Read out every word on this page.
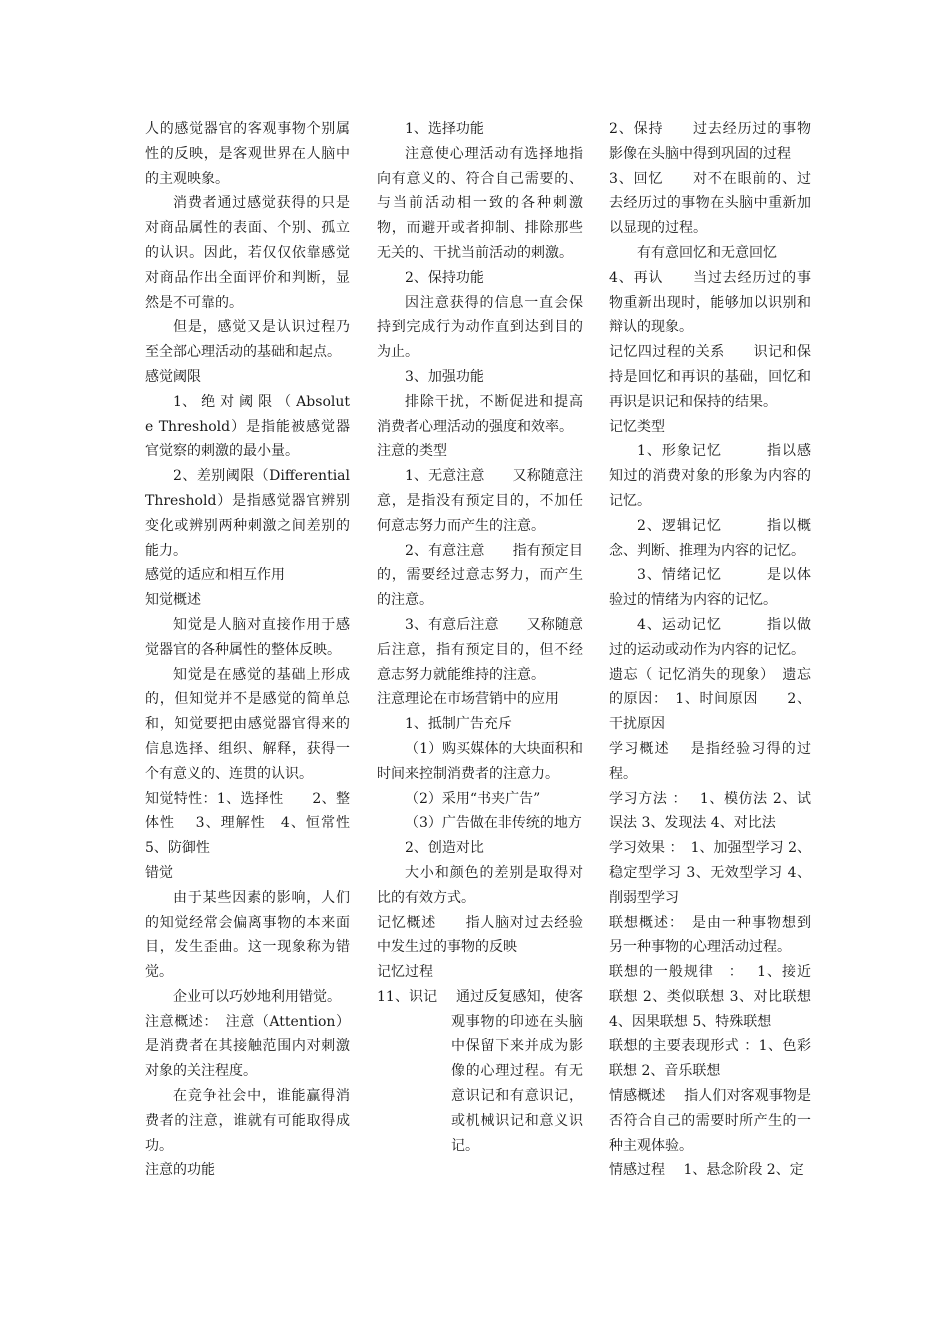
人的感觉器官的客观事物个别属性的反映，是客观世界在人脑中的主观映象。

消费者通过感觉获得的只是对商品属性的表面、个别、孤立的认识。因此，若仅仅依靠感觉对商品作出全面评价和判断，显然是不可靠的。

但是，感觉又是认识过程乃至全部心理活动的基础和起点。

感觉阈限

1、 绝 对 阈 限 （ Absolute Threshold）是指能被感觉器官觉察的刺激的最小量。

2、差别阈限（Differential Threshold）是指感觉器官辨别变化或辨别两种刺激之间差别的能力。

感觉的适应和相互作用

知觉概述

知觉是人脑对直接作用于感觉器官的各种属性的整体反映。

知觉是在感觉的基础上形成的，但知觉并不是感觉的简单总和，知觉要把由感觉器官得来的信息选择、组织、解释，获得一个有意义的、连贯的认识。

知觉特性：1、选择性　　2、整体性　 3、理解性　4、恒常性　5、防御性

错觉

由于某些因素的影响，人们的知觉经常会偏离事物的本来面目，发生歪曲。这一现象称为错觉。

企业可以巧妙地利用错觉。

注意概述：　注意（Attention）是消费者在其接触范围内对刺激对象的关注程度。

在竞争社会中，谁能赢得消费者的注意，谁就有可能取得成功。

注意的功能

1、选择功能

注意使心理活动有选择地指向有意义的、符合自己需要的、与当前活动相一致的各种刺激物，而避开或者抑制、排除那些无关的、干扰当前活动的刺激。

2、保持功能

因注意获得的信息一直会保持到完成行为动作直到达到目的为止。

3、加强功能

排除干扰，不断促进和提高消费者心理活动的强度和效率。

注意的类型

1、无意注意　　又称随意注意，是指没有预定目的，不加任何意志努力而产生的注意。

2、有意注意　　指有预定目的，需要经过意志努力，而产生的注意。

3、有意后注意　　又称随意后注意，指有预定目的，但不经意志努力就能维持的注意。

注意理论在市场营销中的应用

1、抵制广告充斥

（1）购买媒体的大块面积和时间来控制消费者的注意力。

（2）采用“书夹广告”

（3）广告做在非传统的地方

2、创造对比

大小和颜色的差别是取得对比的有效方式。

记忆概述　　指人脑对过去经验中发生过的事物的反映

记忆过程

11、识记　 通过反复感知，使客观事物的印迹在头脑中保留下来并成为影像的心理过程。有无意识记和有意识记，或机械识记和意义识记。

2、保持　　过去经历过的事物影像在头脑中得到巩固的过程

3、回忆　　对不在眼前的、过去经历过的事物在头脑中重新加以显现的过程。

有有意回忆和无意回忆

4、再认　　当过去经历过的事物重新出现时，能够加以识别和辩认的现象。

记忆四过程的关系　　识记和保持是回忆和再识的基础，回忆和再识是识记和保持的结果。

记忆类型

1、形象记忆　　　指以感知过的消费对象的形象为内容的记忆。

2、逻辑记忆　　　指以概念、判断、推理为内容的记忆。

3、情绪记忆　　　是以体验过的情绪为内容的记忆。

4、运动记忆　　　指以做过的运动或动作为内容的记忆。

遗忘（ 记忆消失的现象）　遗忘的原因：　1、时间原因　　2、干扰原因

学习概述　 是指经验习得的过程。

学习方法 ：　 1、模仿法 2、试误法 3、发现法 4、对比法

学习效果 ：　1、加强型学习 2、稳定型学习 3、无效型学习 4、削弱型学习

联想概述：　是由一种事物想到另一种事物的心理活动过程。

联想的一般规律　：　 1、接近联想 2、类似联想 3、对比联想 4、因果联想 5、特殊联想

联想的主要表现形式 ：1、色彩联想 2、音乐联想

情感概述　 指人们对客观事物是否符合自己的需要时所产生的一种主观体验。

情感过程　 1、悬念阶段 2、定
